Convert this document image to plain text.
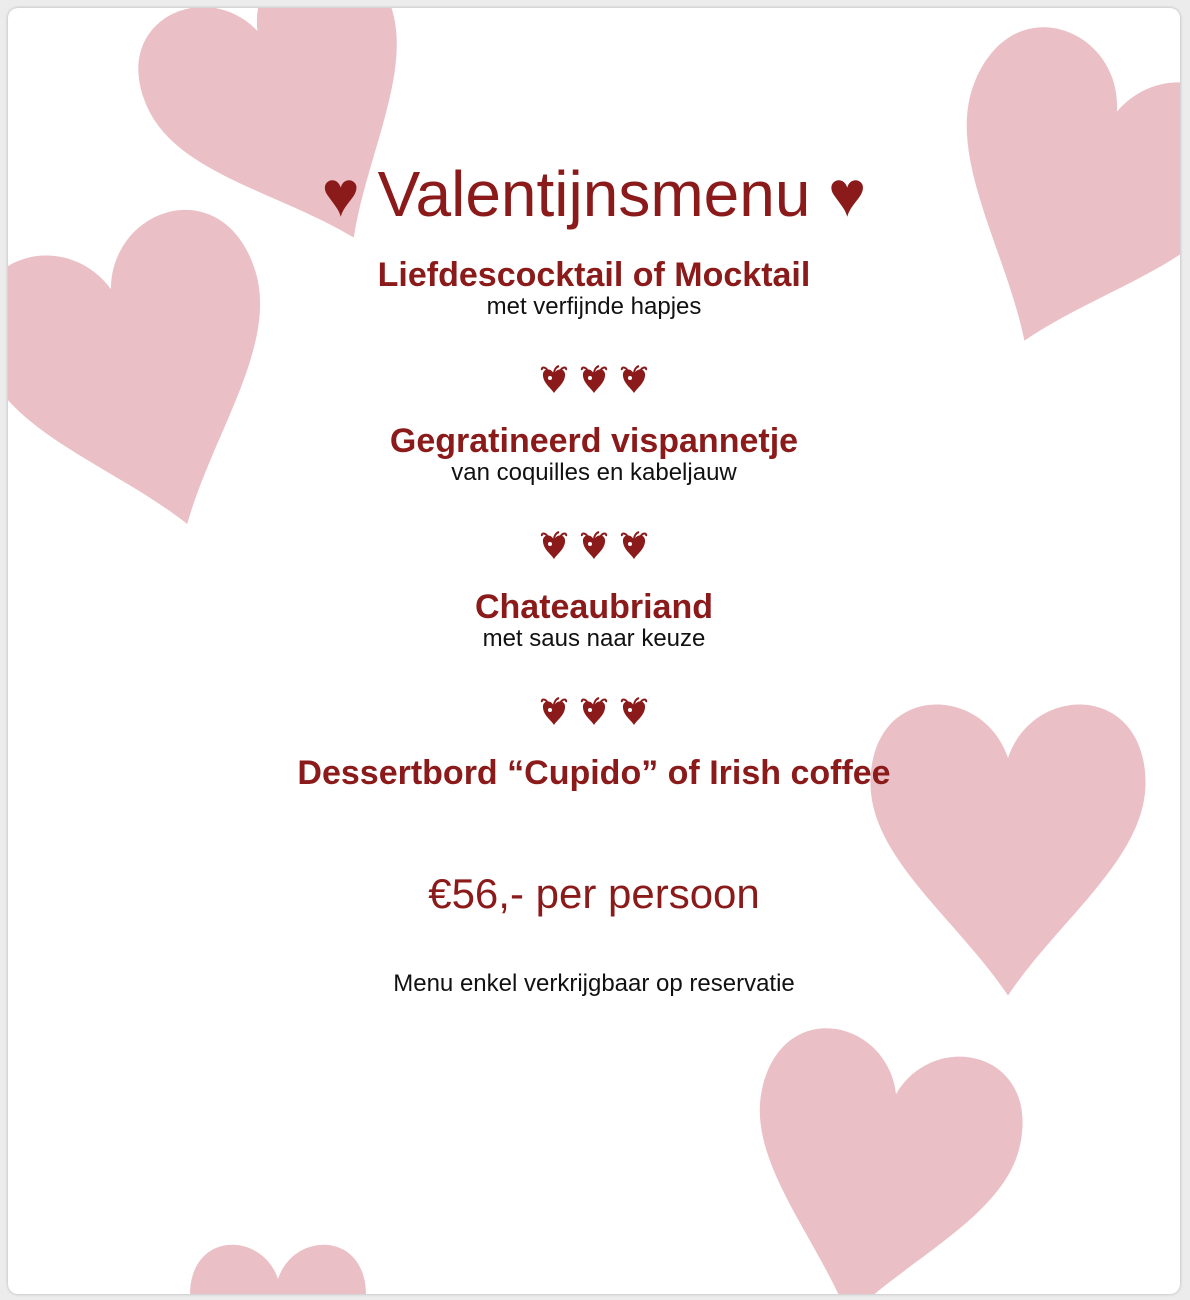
♥ Valentijnsmenu ♥
Liefdescocktail of Mocktail
met verfijnde hapjes
Gegratineerd vispannetje
van coquilles en kabeljauw
Chateaubriand
met saus naar keuze
Dessertbord “Cupido” of Irish coffee
€56,- per persoon
Menu enkel verkrijgbaar op reservatie
